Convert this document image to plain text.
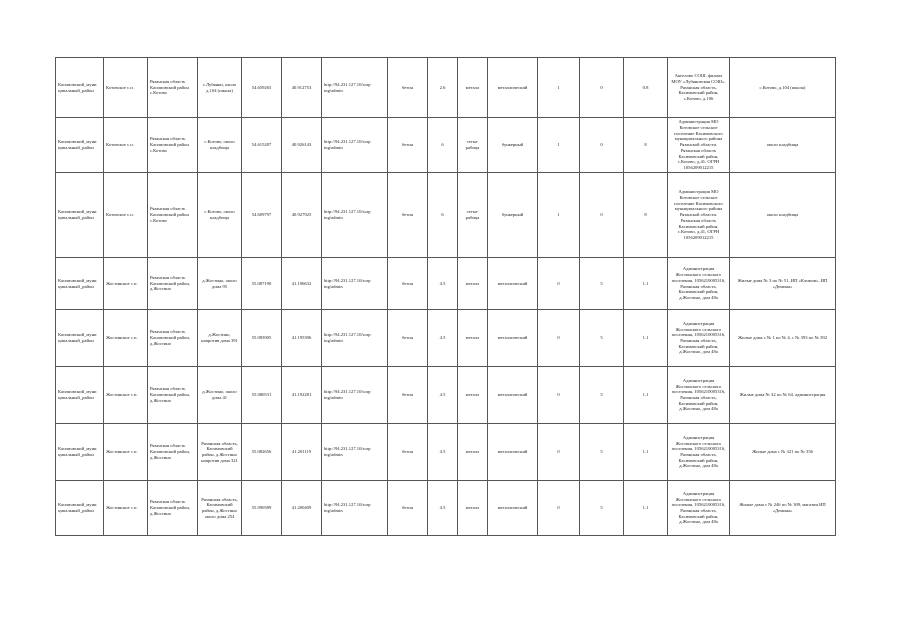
Касимовский_муни ципальный_район	Котовское с.п.	Рязанская область Касимовский район с.Котово	с.Лубянки, около д.104 (школа)	54.659265	40.912753	http://94.231.127.10/sorp ing/admin	бетон	2.6	металл	металлический	1	0	0.8	Ангелово СОШ, филиал МОУ «Лубяновская СОШ». Рязанская область, Касимовский район, с.Котово, д.106	с.Котово, д.104 (школа)
Касимовский_муни ципальный_район	Котовское с.п.	Рязанская область Касимовский район с.Котово	с.Котово, около кладбища	54.615287	40.926143	http://94.231.127.10/sorp ing/admin	бетон	6	сетка-рабица	бункерный	1	0	8	Администрация МО Котовское сельское поселение Касимовского муниципального района Рязанской области. Рязанская область Касимовский район, с.Котово, д.41, ОГРН 1056209012215	около кладбища
Касимовский_муни ципальный_район	Котовское с.п.	Рязанская область Касимовский район с.Котово	с.Котово, около кладбища	54.609797	40.927925	http://94.231.127.10/sorp ing/admin	бетон	6	сетка-рабица	бункерный	1	0	8	Администрация МО Котовское сельское поселение Касимовского муниципального района Рязанской области. Рязанская область Касимовский район, с.Котово, д.41, ОГРН 1056209012215	около кладбища
Касимовский_муни ципальный_район	Жостинское с.п.	Рязанская область Касимовский район, д.Жостино	д.Жостино, около дома 95	55.087190	41.196632	http://94.231.127.10/sorp ing/admin	бетон	4.5	металл	металлический	0	5	1.1	Администрация Жостинского сельского поселения, 1056210005316, Рязанская область, Касимовский район, д.Жостино, дом 48а	Жилые дома № 3 по № 51, ИП «Климов», ИП «Демина»
Касимовский_муни ципальный_район	Жостинское с.п.	Рязанская область Касимовский район, д.Жостино	д.Жостино, напротив дома 391	55.083905	41.195396	http://94.231.127.10/sorp ing/admin	бетон	4.5	металл	металлический	0	5	1.1	Администрация Жостинского сельского поселения, 1056210005316, Рязанская область, Касимовский район, д.Жостино, дом 48а	Жилые дома с № 1 по № 4, с № 393 по № 392
Касимовский_муни ципальный_район	Жостинское с.п.	Рязанская область Касимовский район, д.Жостино	д.Жостино, около дома 41	55.080531	41.192281	http://94.231.127.10/sorp ing/admin	бетон	4.5	металл	металлический	0	5	1.1	Администрация Жостинского сельского поселения, 1056210005316, Рязанская область, Касимовский район, д.Жостино, дом 48а	Жилые дома № 32 по № 64, администрация
Касимовский_муни ципальный_район	Жостинское с.п.	Рязанская область Касимовский район, д.Жостино	Рязанская область, Касимовский район, д.Жостино напротив дома 321	55.082656	41.201119	http://94.231.127.10/sorp ing/admin	бетон	4.5	металл	металлический	0	5	1.1	Администрация Жостинского сельского поселения, 1056210005316, Рязанская область, Касимовский район, д.Жостино, дом 48а	Жилые дома с № 321 по № 356
Касимовский_муни ципальный_район	Жостинское с.п.	Рязанская область Касимовский район, д.Жостино	Рязанская область, Касимовский район, д.Жостино около дома 254	55.090589	41.200409	http://94.231.127.10/sorp ing/admin	бетон	4.5	металл	металлический	0	5	1.1	Администрация Жостинского сельского поселения, 1056210005316, Рязанская область, Касимовский район, д.Жостино, дом 48а	Жилые дома с № 246 по № 309, магазин ИП «Демина»
